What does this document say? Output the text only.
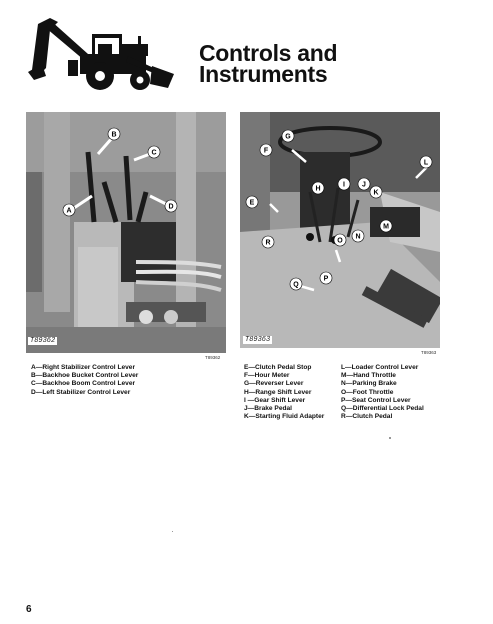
Controls and
Instruments
B
C
A
D
T89362
T89362
G
F
L
H
I J
K
E
M
N
R	O
P
Q
T89363
T89363
A—Right Stabilizer Control Lever
B—Backhoe Bucket Control Lever
C—Backhoe Boom Control Lever
D—Left Stabilizer Control Lever
E—Clutch Pedal Stop
F—Hour Meter
G—Reverser Lever
H—Range Shift Lever
I —Gear Shift Lever
J—Brake Pedal
K—Starting Fluid Adapter
L—Loader Control Lever
M—Hand Throttle
N—Parking Brake
O—Foot Throttle
P—Seat Control Lever
Q—Differential Lock Pedal
R—Clutch Pedal
6
